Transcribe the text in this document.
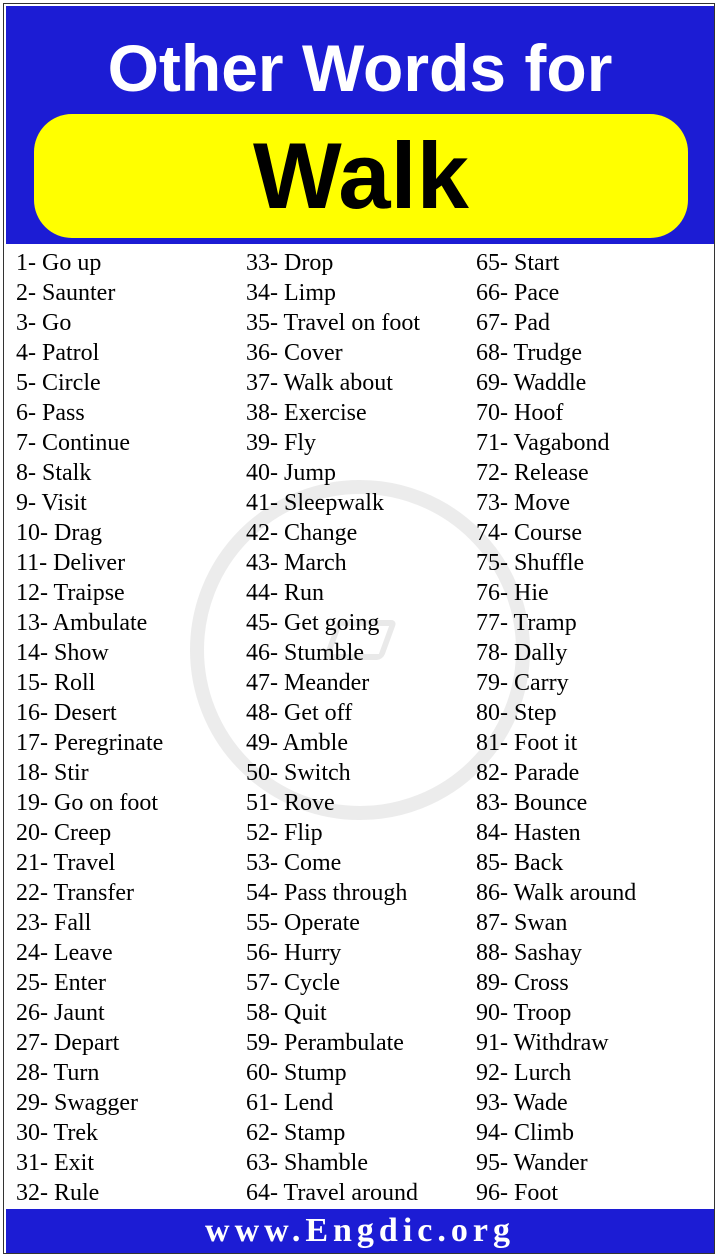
Other Words for
Walk
1- Go up
2- Saunter
3- Go
4- Patrol
5- Circle
6- Pass
7- Continue
8- Stalk
9- Visit
10- Drag
11- Deliver
12- Traipse
13- Ambulate
14- Show
15- Roll
16- Desert
17- Peregrinate
18- Stir
19- Go on foot
20- Creep
21- Travel
22- Transfer
23- Fall
24- Leave
25- Enter
26- Jaunt
27- Depart
28- Turn
29- Swagger
30- Trek
31- Exit
32- Rule
33- Drop
34- Limp
35- Travel on foot
36- Cover
37- Walk about
38- Exercise
39- Fly
40- Jump
41- Sleepwalk
42- Change
43- March
44- Run
45- Get going
46- Stumble
47- Meander
48- Get off
49- Amble
50- Switch
51- Rove
52- Flip
53- Come
54- Pass through
55- Operate
56- Hurry
57- Cycle
58- Quit
59- Perambulate
60- Stump
61- Lend
62- Stamp
63- Shamble
64- Travel around
65- Start
66- Pace
67- Pad
68- Trudge
69- Waddle
70- Hoof
71- Vagabond
72- Release
73- Move
74- Course
75- Shuffle
76- Hie
77- Tramp
78- Dally
79- Carry
80- Step
81- Foot it
82- Parade
83- Bounce
84- Hasten
85- Back
86- Walk around
87- Swan
88- Sashay
89- Cross
90- Troop
91- Withdraw
92- Lurch
93- Wade
94- Climb
95- Wander
96- Foot
www.Engdic.org
